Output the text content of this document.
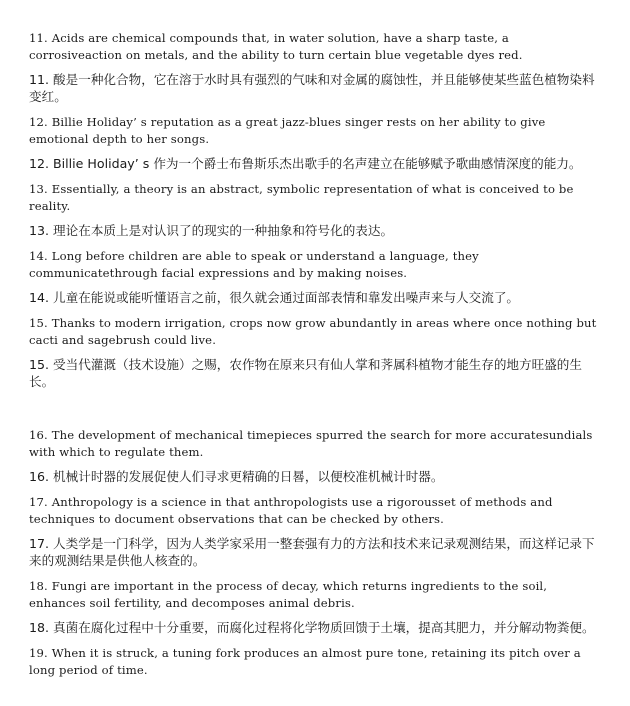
11. Acids are chemical compounds that, in water solution, have a sharp taste, a corrosiveaction on metals, and the ability to turn certain blue vegetable dyes red.

11. 酸是一种化合物，它在溶于水时具有强烈的气味和对金属的腐蚀性，并且能够使某些蓝色植物染料变红。

12. Billie Holiday’ s reputation as a great jazz-blues singer rests on her ability to give emotional depth to her songs.

12. Billie Holiday’ s 作为一个爵士布鲁斯乐杰出歌手的名声建立在能够赋予歌曲感情深度的能力。

13. Essentially, a theory is an abstract, symbolic representation of what is conceived to be reality.

13. 理论在本质上是对认识了的现实的一种抽象和符号化的表达。

14. Long before children are able to speak or understand a language, they communicatethrough facial expressions and by making noises.

14. 儿童在能说或能听懂语言之前，很久就会通过面部表情和靠发出噪声来与人交流了。

15. Thanks to modern irrigation, crops now grow abundantly in areas where once nothing but cacti and sagebrush could live.

15. 受当代灌溉（技术设施）之赐，农作物在原来只有仙人掌和荠属科植物才能生存的地方旺盛的生长。

16. The development of mechanical timepieces spurred the search for more accuratesundials with which to regulate them.

16. 机械计时器的发展促使人们寻求更精确的日晷，以便校准机械计时器。

17. Anthropology is a science in that anthropologists use a rigorousset of methods and techniques to document observations that can be checked by others.

17. 人类学是一门科学，因为人类学家采用一整套强有力的方法和技术来记录观测结果，而这样记录下来的观测结果是供他人核查的。

18. Fungi are important in the process of decay, which returns ingredients to the soil, enhances soil fertility, and decomposes animal debris.

18. 真菌在腐化过程中十分重要，而腐化过程将化学物质回馈于土壤，提高其肥力，并分解动物粪便。

19. When it is struck, a tuning fork produces an almost pure tone, retaining its pitch over a long period of time.
